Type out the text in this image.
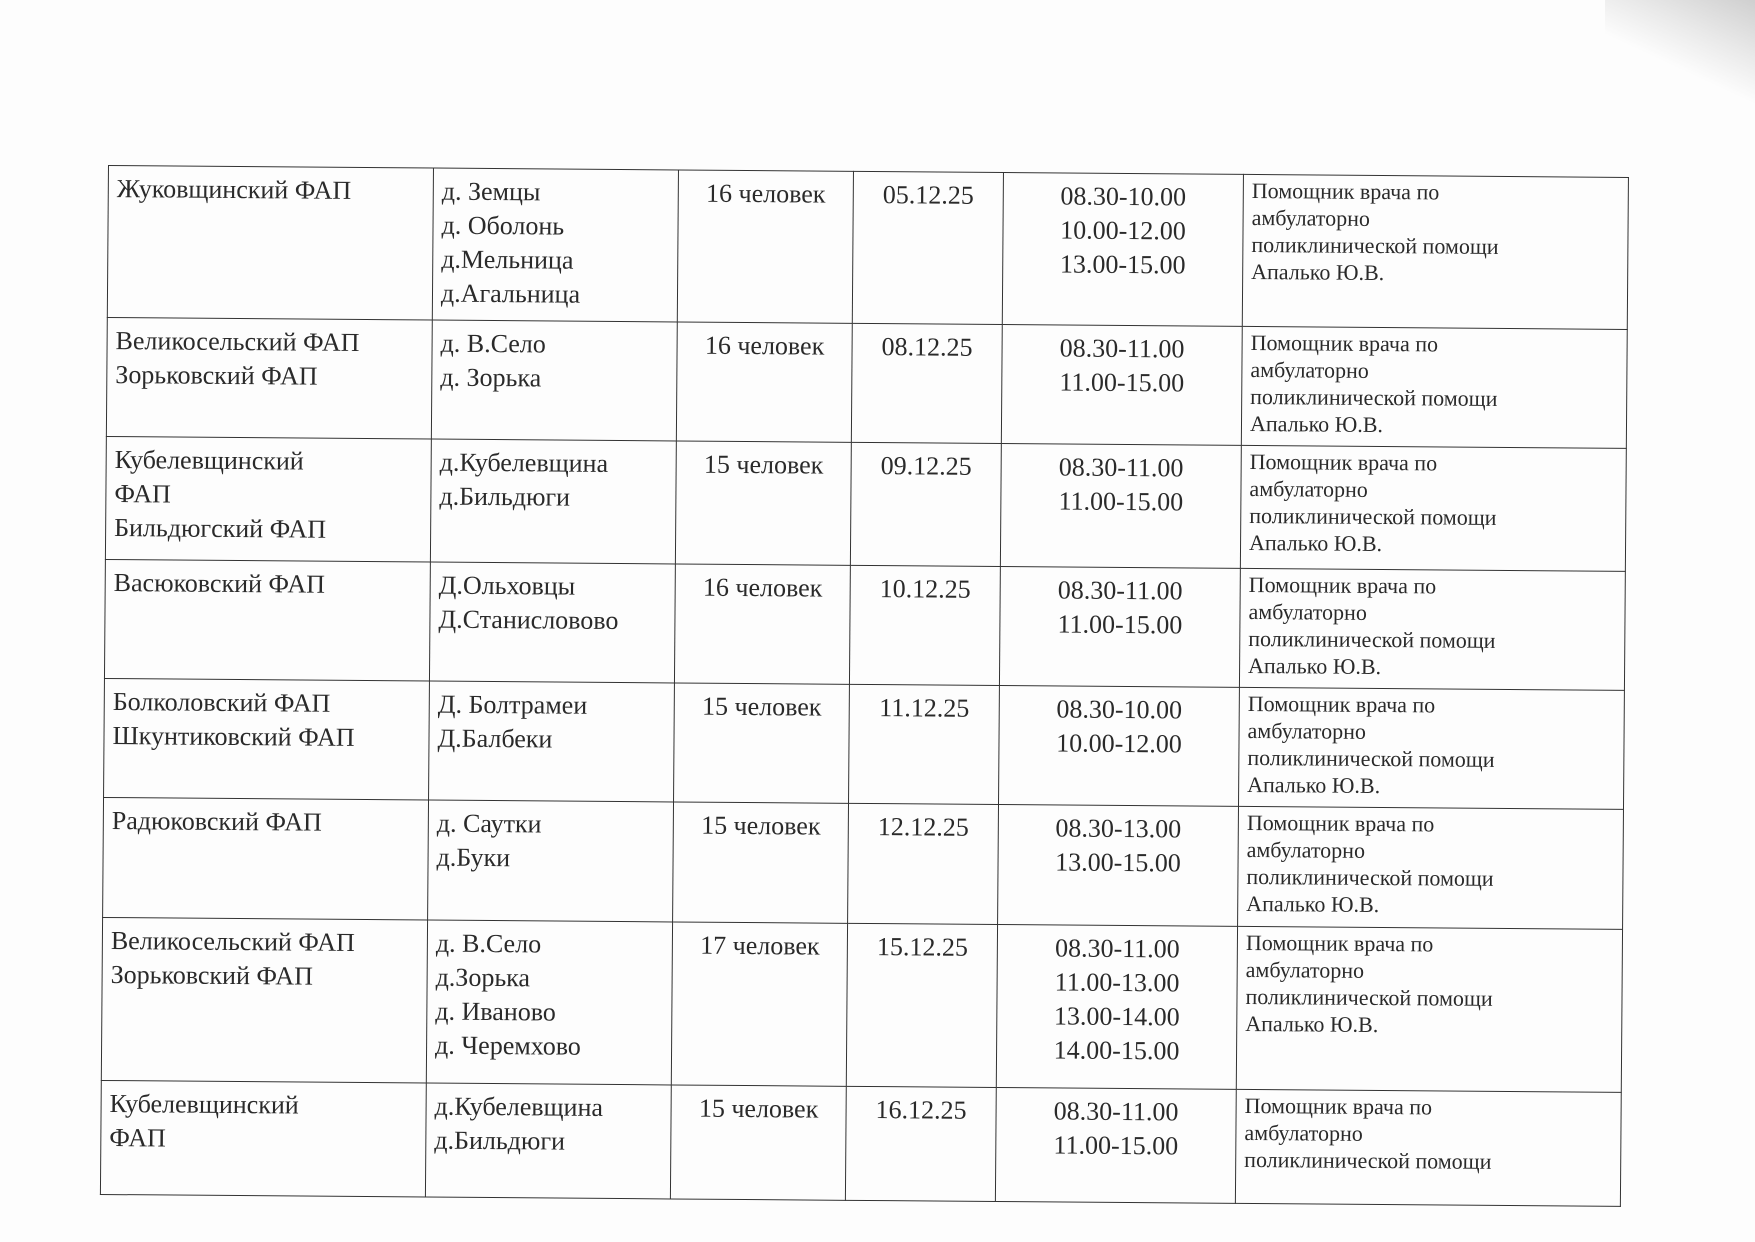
Жуковщинский ФАП	д. Земцы
д. Оболонь
д.Мельница
д.Агальница	16 человек	05.12.25	08.30-10.00
10.00-12.00
13.00-15.00	Помощник врача по
амбулаторно
поликлинической помощи
Апалько Ю.В.

Великосельский ФАП
Зорьковский ФАП	д. В.Село
д. Зорька	16 человек	08.12.25	08.30-11.00
11.00-15.00	Помощник врача по
амбулаторно
поликлинической помощи
Апалько Ю.В.

Кубелевщинский
ФАП
Бильдюгский ФАП	д.Кубелевщина
д.Бильдюги	15 человек	09.12.25	08.30-11.00
11.00-15.00	Помощник врача по
амбулаторно
поликлинической помощи
Апалько Ю.В.

Васюковский ФАП	Д.Ольховцы
Д.Станисловово	16 человек	10.12.25	08.30-11.00
11.00-15.00	Помощник врача по
амбулаторно
поликлинической помощи
Апалько Ю.В.

Болколовский ФАП
Шкунтиковский ФАП	Д. Болтрамеи
Д.Балбеки	15 человек	11.12.25	08.30-10.00
10.00-12.00	Помощник врача по
амбулаторно
поликлинической помощи
Апалько Ю.В.

Радюковский ФАП	д. Саутки
д.Буки	15 человек	12.12.25	08.30-13.00
13.00-15.00	Помощник врача по
амбулаторно
поликлинической помощи
Апалько Ю.В.

Великосельский ФАП
Зорьковский ФАП	д. В.Село
д.Зорька
д. Иваново
д. Черемхово	17 человек	15.12.25	08.30-11.00
11.00-13.00
13.00-14.00
14.00-15.00	Помощник врача по
амбулаторно
поликлинической помощи
Апалько Ю.В.

Кубелевщинский
ФАП	д.Кубелевщина
д.Бильдюги	15 человек	16.12.25	08.30-11.00
11.00-15.00	Помощник врача по
амбулаторно
поликлинической помощи
